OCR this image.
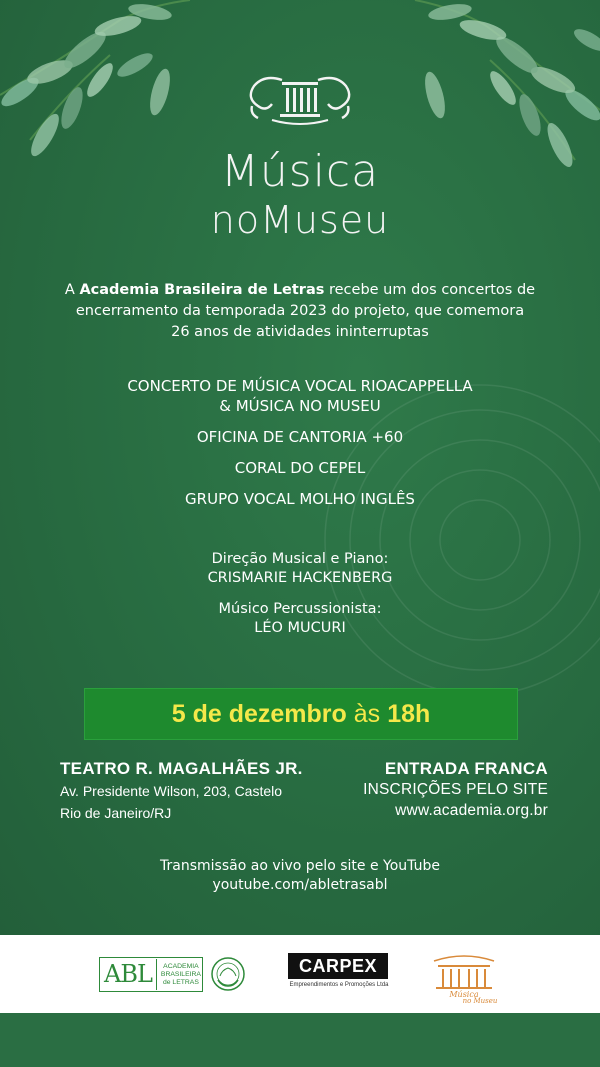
Música
noMuseu
A Academia Brasileira de Letras recebe um dos concertos de
encerramento da temporada 2023 do projeto, que comemora
26 anos de atividades ininterruptas
CONCERTO DE MÚSICA VOCAL RIOACAPPELLA
& MÚSICA NO MUSEU
OFICINA DE CANTORIA +60
CORAL DO CEPEL
GRUPO VOCAL MOLHO INGLÊS
Direção Musical e Piano:
CRISMARIE HACKENBERG
Músico Percussionista:
LÉO MUCURI
5 de dezembro às 18h
TEATRO R. MAGALHÃES JR.
Av. Presidente Wilson, 203, Castelo
Rio de Janeiro/RJ
ENTRADA FRANCA
INSCRIÇÕES PELO SITE
www.academia.org.br
Transmissão ao vivo pelo site e YouTube
youtube.com/abletrasabl
ABL	ACADEMIA
BRASILEIRA
de LETRAS
CARPEX
Empreendimentos e Promoções Ltda
Música
no Museu
